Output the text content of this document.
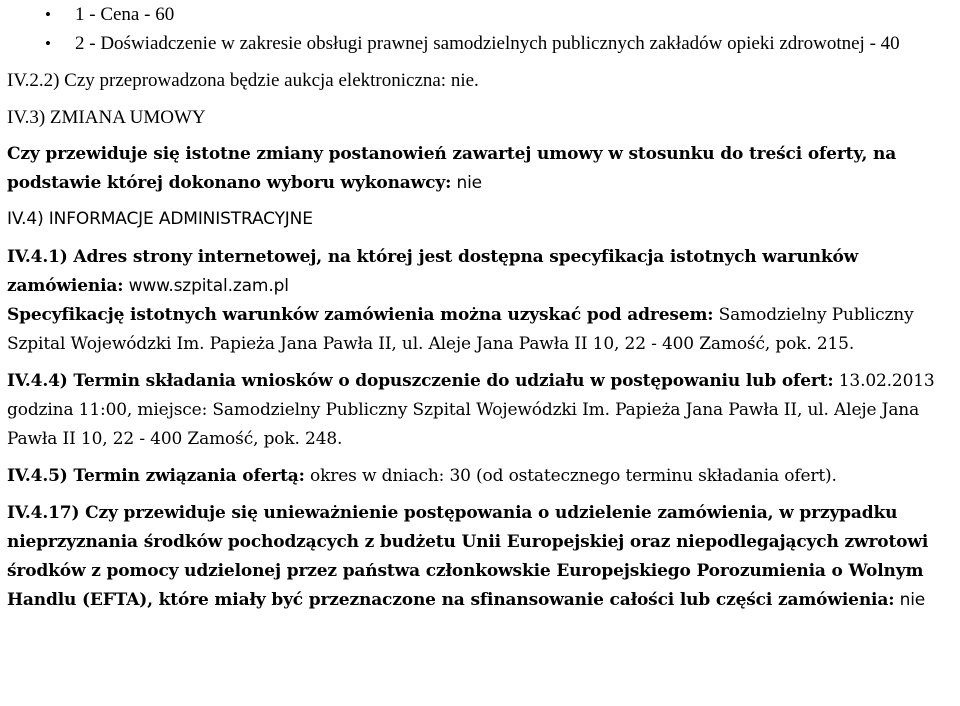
• 1 - Cena - 60
• 2 - Doświadczenie w zakresie obsługi prawnej samodzielnych publicznych zakładów opieki zdrowotnej - 40

IV.2.2) Czy przeprowadzona będzie aukcja elektroniczna: nie.

IV.3) ZMIANA UMOWY

Czy przewiduje się istotne zmiany postanowień zawartej umowy w stosunku do treści oferty, na podstawie której dokonano wyboru wykonawcy: nie

IV.4) INFORMACJE ADMINISTRACYJNE

IV.4.1) Adres strony internetowej, na której jest dostępna specyfikacja istotnych warunków zamówienia: www.szpital.zam.pl

Specyfikację istotnych warunków zamówienia można uzyskać pod adresem: Samodzielny Publiczny Szpital Wojewódzki Im. Papieża Jana Pawła II, ul. Aleje Jana Pawła II 10, 22 - 400 Zamość, pok. 215.

IV.4.4) Termin składania wniosków o dopuszczenie do udziału w postępowaniu lub ofert: 13.02.2013 godzina 11:00, miejsce: Samodzielny Publiczny Szpital Wojewódzki Im. Papieża Jana Pawła II, ul. Aleje Jana Pawła II 10, 22 - 400 Zamość, pok. 248.

IV.4.5) Termin związania ofertą: okres w dniach: 30 (od ostatecznego terminu składania ofert).

IV.4.17) Czy przewiduje się unieważnienie postępowania o udzielenie zamówienia, w przypadku nieprzyznania środków pochodzących z budżetu Unii Europejskiej oraz niepodlegających zwrotowi środków z pomocy udzielonej przez państwa członkowskie Europejskiego Porozumienia o Wolnym Handlu (EFTA), które miały być przeznaczone na sfinansowanie całości lub części zamówienia: nie
